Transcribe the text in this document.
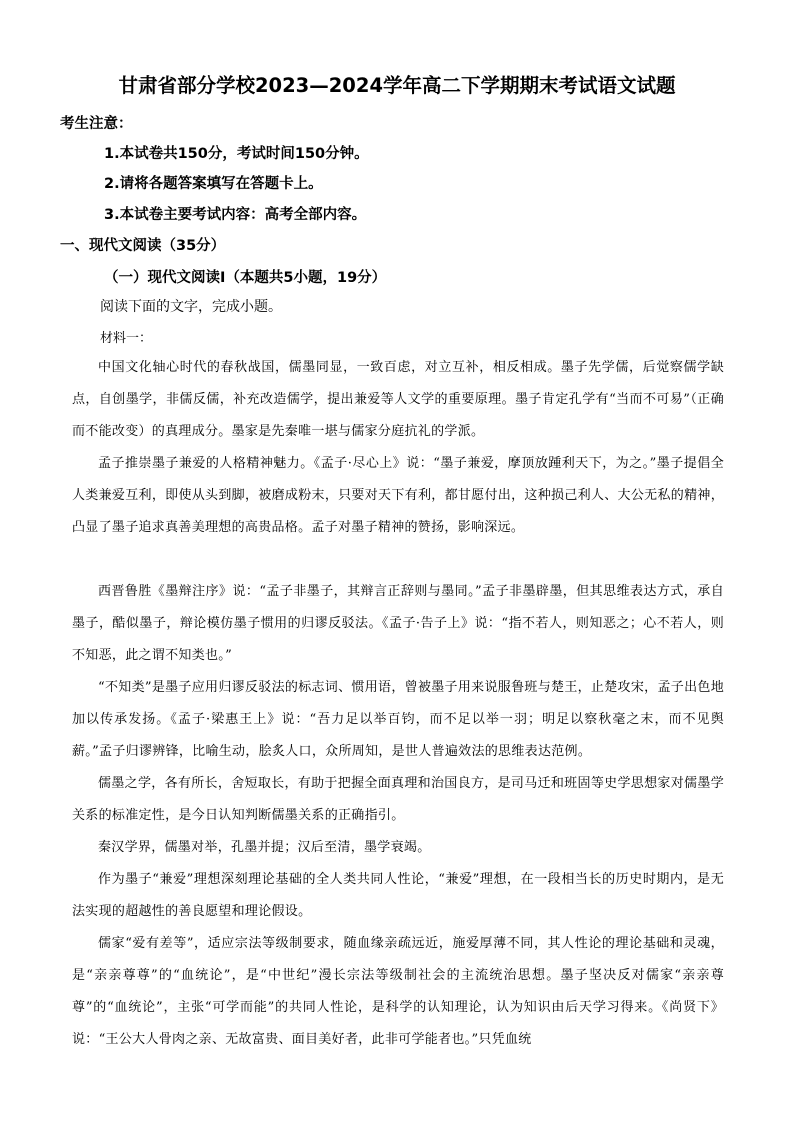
甘肃省部分学校2023—2024学年高二下学期期末考试语文试题
考生注意：
1.本试卷共150分，考试时间150分钟。
2.请将各题答案填写在答题卡上。
3.本试卷主要考试内容：高考全部内容。
一、现代文阅读（35分）
（一）现代文阅读Ⅰ（本题共5小题，19分）
阅读下面的文字，完成小题。
材料一：
中国文化轴心时代的春秋战国，儒墨同显，一致百虑，对立互补，相反相成。墨子先学儒，后觉察儒学缺点，自创墨学，非儒反儒，补充改造儒学，提出兼爱等人文学的重要原理。墨子肯定孔学有“当而不可易”（正确而不能改变）的真理成分。墨家是先秦唯一堪与儒家分庭抗礼的学派。
孟子推崇墨子兼爱的人格精神魅力。《孟子·尽心上》说：“墨子兼爱，摩顶放踵利天下，为之。”墨子提倡全人类兼爱互利，即使从头到脚，被磨成粉末，只要对天下有利，都甘愿付出，这种损己利人、大公无私的精神，凸显了墨子追求真善美理想的高贵品格。孟子对墨子精神的赞扬，影响深远。
西晋鲁胜《墨辩注序》说：“孟子非墨子，其辩言正辞则与墨同。”孟子非墨辟墨，但其思维表达方式，承自墨子，酷似墨子，辩论模仿墨子惯用的归谬反驳法。《孟子·告子上》说：“指不若人，则知恶之；心不若人，则不知恶，此之谓不知类也。”
“不知类”是墨子应用归谬反驳法的标志词、惯用语，曾被墨子用来说服鲁班与楚王，止楚攻宋，孟子出色地加以传承发扬。《孟子·梁惠王上》说：“吾力足以举百钧，而不足以举一羽；明足以察秋毫之末，而不见舆薪。”孟子归谬辨锋，比喻生动，脍炙人口，众所周知，是世人普遍效法的思维表达范例。
儒墨之学，各有所长，舍短取长，有助于把握全面真理和治国良方，是司马迁和班固等史学思想家对儒墨学关系的标准定性，是今日认知判断儒墨关系的正确指引。
秦汉学界，儒墨对举，孔墨并提；汉后至清，墨学衰竭。
作为墨子“兼爱”理想深刻理论基础的全人类共同人性论，“兼爱”理想，在一段相当长的历史时期内，是无法实现的超越性的善良愿望和理论假设。
儒家“爱有差等”，适应宗法等级制要求，随血缘亲疏远近，施爱厚薄不同，其人性论的理论基础和灵魂，是“亲亲尊尊”的“血统论”，是“中世纪”漫长宗法等级制社会的主流统治思想。墨子坚决反对儒家“亲亲尊尊”的“血统论”，主张“可学而能”的共同人性论，是科学的认知理论，认为知识由后天学习得来。《尚贤下》说：“王公大人骨肉之亲、无故富贵、面目美好者，此非可学能者也。”只凭血统
